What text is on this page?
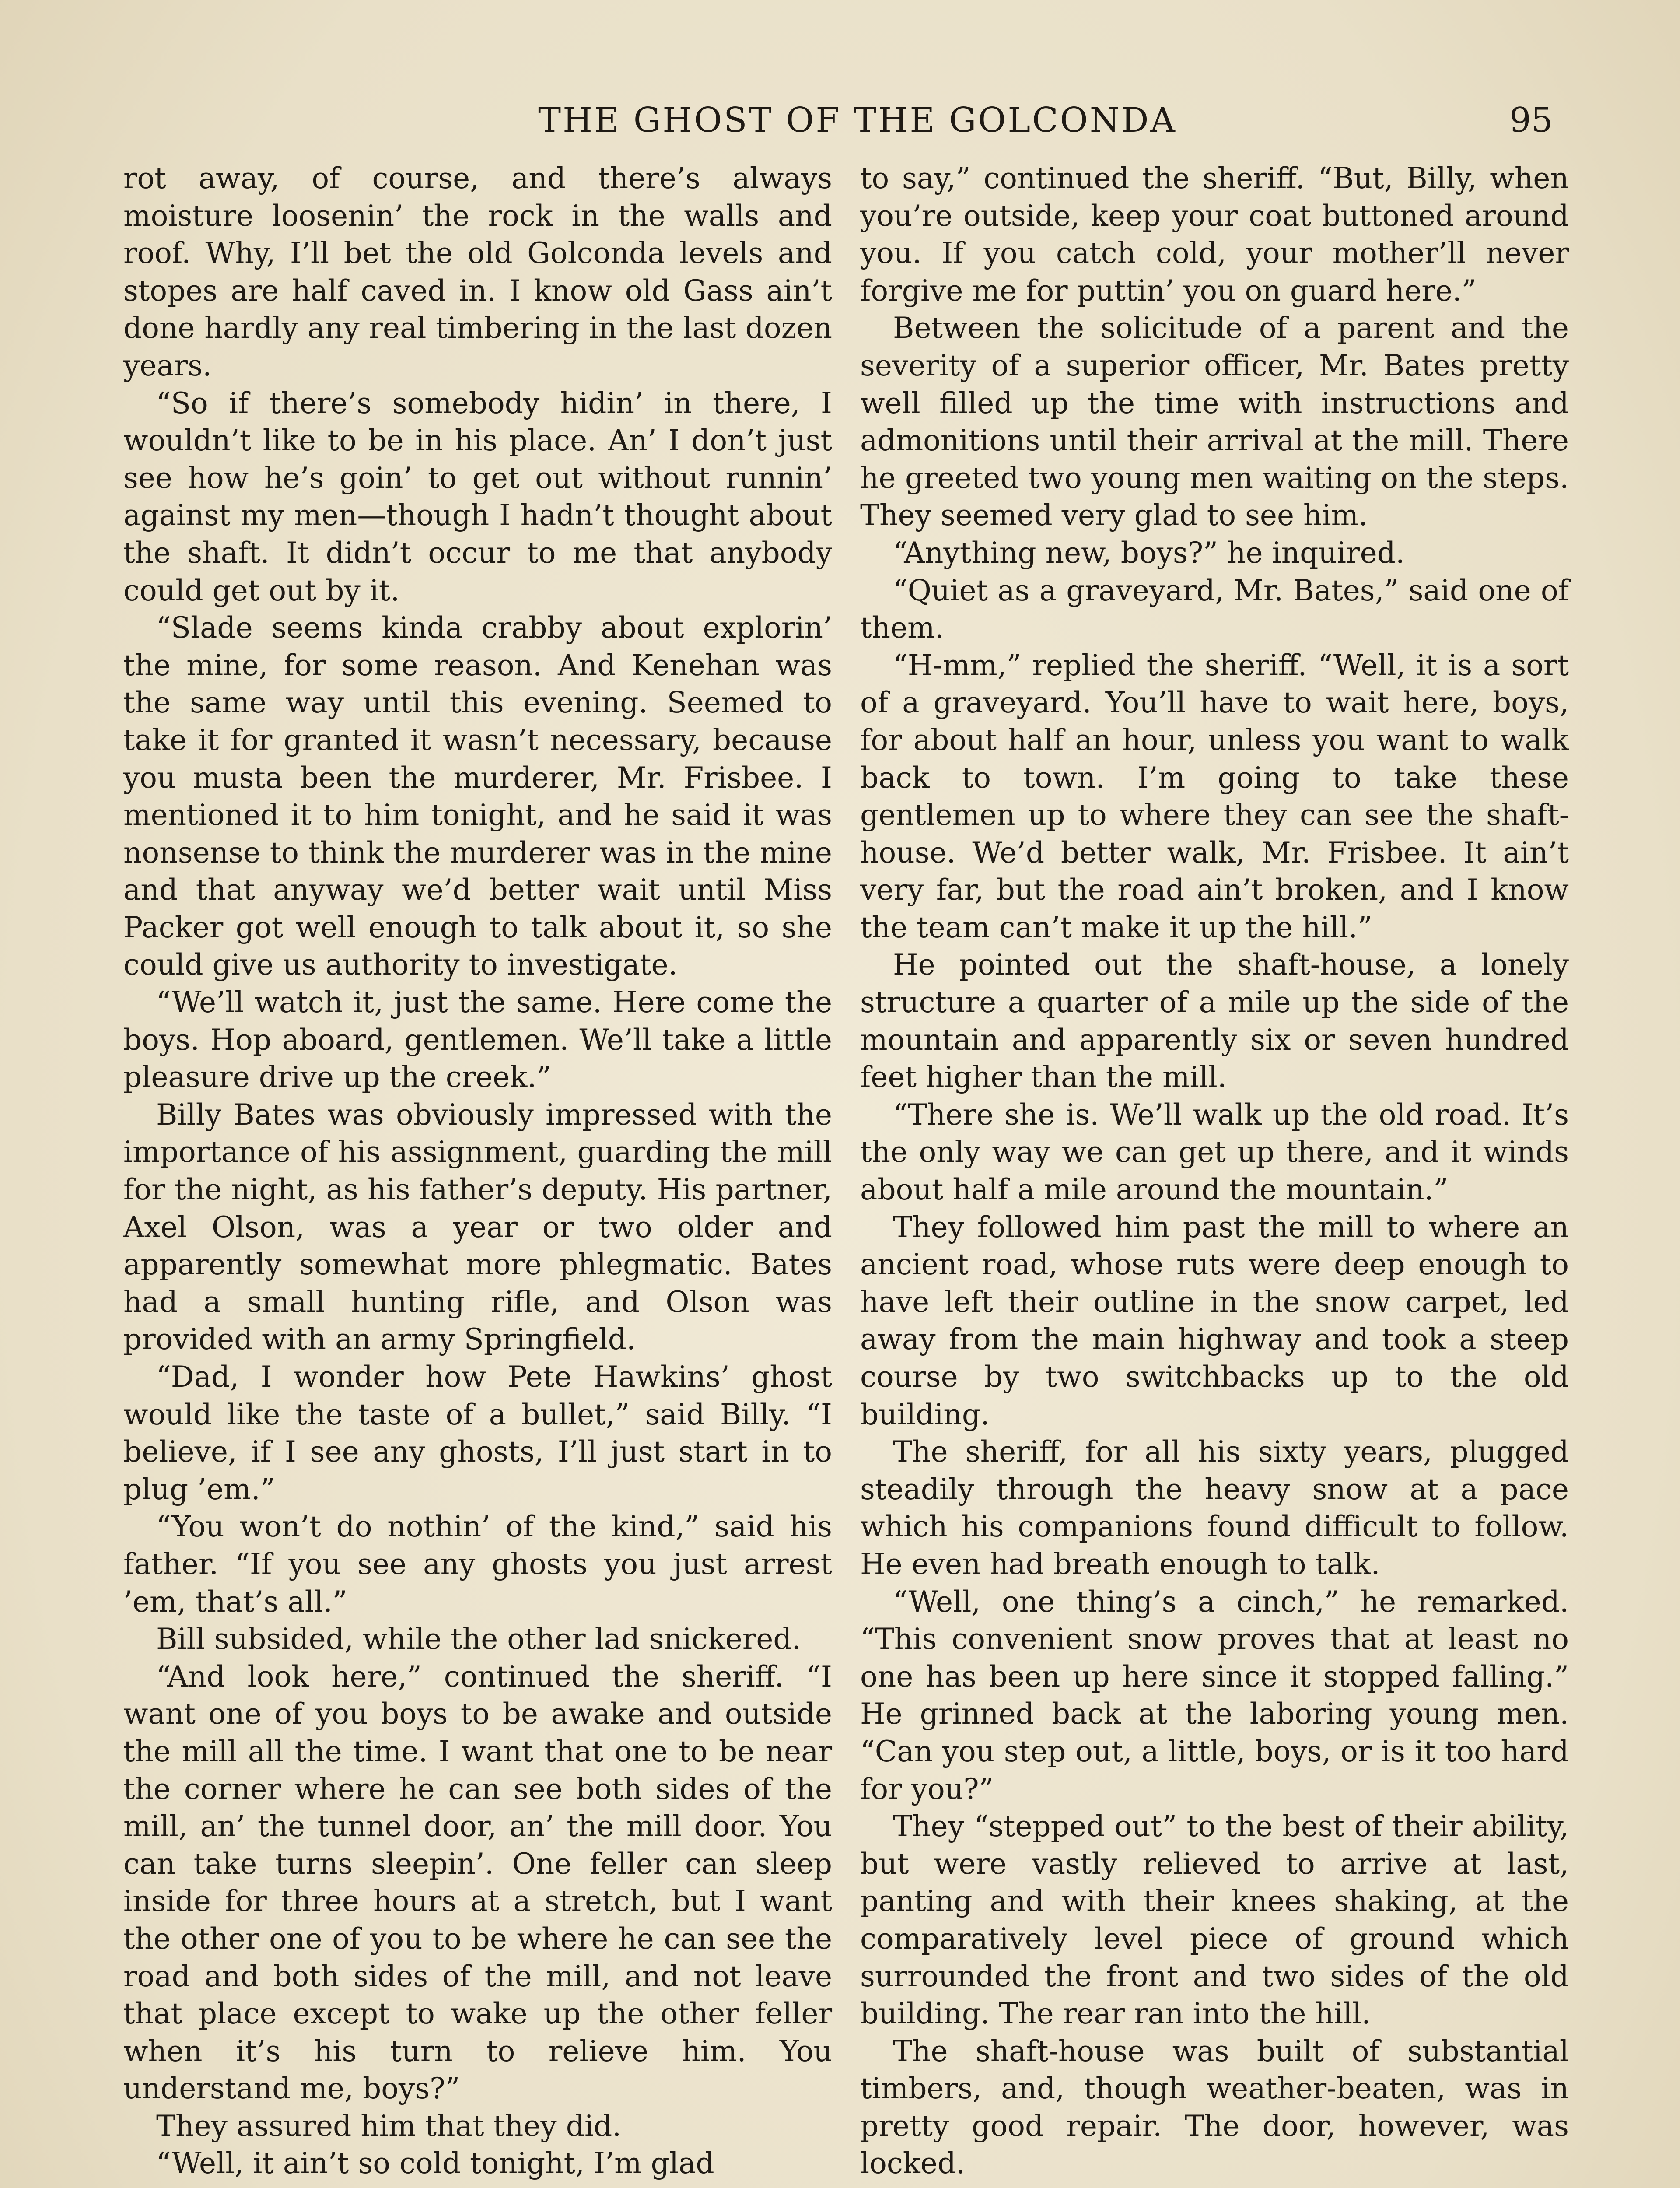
THE GHOST OF THE GOLCONDA	95

rot away, of course, and there’s always moisture loosenin’ the rock in the walls and roof. Why, I’ll bet the old Golconda levels and stopes are half caved in. I know old Gass ain’t done hardly any real timbering in the last dozen years.

“So if there’s somebody hidin’ in there, I wouldn’t like to be in his place. An’ I don’t just see how he’s goin’ to get out without runnin’ against my men—though I hadn’t thought about the shaft. It didn’t occur to me that anybody could get out by it.

“Slade seems kinda crabby about explorin’ the mine, for some reason. And Kenehan was the same way until this evening. Seemed to take it for granted it wasn’t necessary, because you musta been the murderer, Mr. Frisbee. I mentioned it to him tonight, and he said it was nonsense to think the murderer was in the mine and that anyway we’d better wait until Miss Packer got well enough to talk about it, so she could give us authority to investigate.

“We’ll watch it, just the same. Here come the boys. Hop aboard, gentlemen. We’ll take a little pleasure drive up the creek.”

Billy Bates was obviously impressed with the importance of his assignment, guarding the mill for the night, as his father’s deputy. His partner, Axel Olson, was a year or two older and apparently somewhat more phlegmatic. Bates had a small hunting rifle, and Olson was provided with an army Springfield.

“Dad, I wonder how Pete Hawkins’ ghost would like the taste of a bullet,” said Billy. “I believe, if I see any ghosts, I’ll just start in to plug ’em.”

“You won’t do nothin’ of the kind,” said his father. “If you see any ghosts you just arrest ’em, that’s all.”

Bill subsided, while the other lad snickered.

“And look here,” continued the sheriff. “I want one of you boys to be awake and outside the mill all the time. I want that one to be near the corner where he can see both sides of the mill, an’ the tunnel door, an’ the mill door. You can take turns sleepin’. One feller can sleep inside for three hours at a stretch, but I want the other one of you to be where he can see the road and both sides of the mill, and not leave that place except to wake up the other feller when it’s his turn to relieve him. You understand me, boys?”

They assured him that they did.

“Well, it ain’t so cold tonight, I’m glad

to say,” continued the sheriff. “But, Billy, when you’re outside, keep your coat buttoned around you. If you catch cold, your mother’ll never forgive me for puttin’ you on guard here.”

Between the solicitude of a parent and the severity of a superior officer, Mr. Bates pretty well filled up the time with instructions and admonitions until their arrival at the mill. There he greeted two young men waiting on the steps. They seemed very glad to see him.

“Anything new, boys?” he inquired.

“Quiet as a graveyard, Mr. Bates,” said one of them.

“H-mm,” replied the sheriff. “Well, it is a sort of a graveyard. You’ll have to wait here, boys, for about half an hour, unless you want to walk back to town. I’m going to take these gentlemen up to where they can see the shaft-house. We’d better walk, Mr. Frisbee. It ain’t very far, but the road ain’t broken, and I know the team can’t make it up the hill.”

He pointed out the shaft-house, a lonely structure a quarter of a mile up the side of the mountain and apparently six or seven hundred feet higher than the mill.

“There she is. We’ll walk up the old road. It’s the only way we can get up there, and it winds about half a mile around the mountain.”

They followed him past the mill to where an ancient road, whose ruts were deep enough to have left their outline in the snow carpet, led away from the main highway and took a steep course by two switchbacks up to the old building.

The sheriff, for all his sixty years, plugged steadily through the heavy snow at a pace which his companions found difficult to follow. He even had breath enough to talk.

“Well, one thing’s a cinch,” he remarked. “This convenient snow proves that at least no one has been up here since it stopped falling.” He grinned back at the laboring young men. “Can you step out, a little, boys, or is it too hard for you?”

They “stepped out” to the best of their ability, but were vastly relieved to arrive at last, panting and with their knees shaking, at the comparatively level piece of ground which surrounded the front and two sides of the old building. The rear ran into the hill.

The shaft-house was built of substantial timbers, and, though weather-beaten, was in pretty good repair. The door, however, was locked.
